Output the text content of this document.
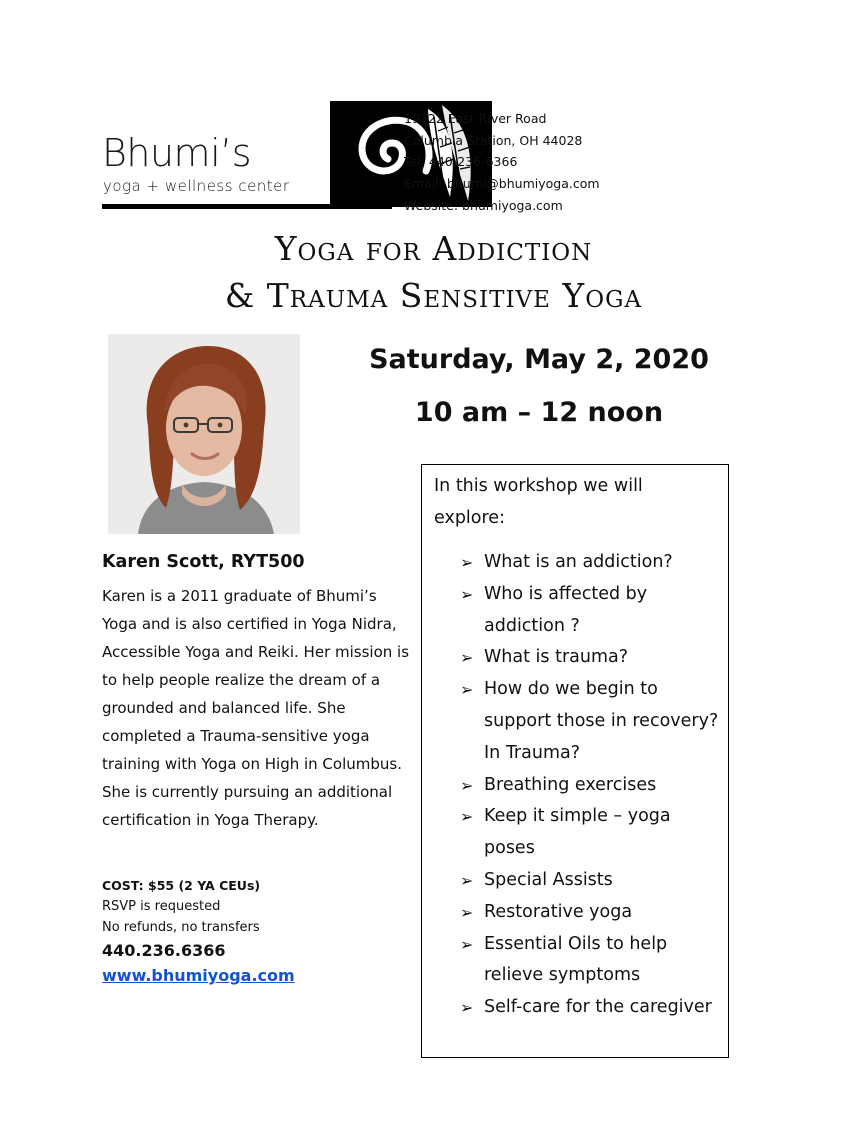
Bhumi’s
yoga + wellness center
19322 East River Road
Columbia Station, OH 44028
Tel: 440-236-6366
Email: bhumi@bhumiyoga.com
Website: bhumiyoga.com
Yoga for Addiction
& Trauma Sensitive Yoga
Saturday, May 2, 2020
10 am – 12 noon
Karen Scott, RYT500
Karen is a 2011 graduate of Bhumi’s Yoga and is also certified in Yoga Nidra, Accessible Yoga and Reiki. Her mission is to help people realize the dream of a grounded and balanced life. She completed a Trauma-sensitive yoga training with Yoga on High in Columbus. She is currently pursuing an additional certification in Yoga Therapy.
COST: $55 (2 YA CEUs)
RSVP is requested
No refunds, no transfers
440.236.6366
www.bhumiyoga.com
In this workshop we will explore:
➢ What is an addiction?
➢ Who is affected by addiction ?
➢ What is trauma?
➢ How do we begin to support those in recovery? In Trauma?
➢ Breathing exercises
➢ Keep it simple – yoga poses
➢ Special Assists
➢ Restorative yoga
➢ Essential Oils to help relieve symptoms
➢ Self-care for the caregiver
